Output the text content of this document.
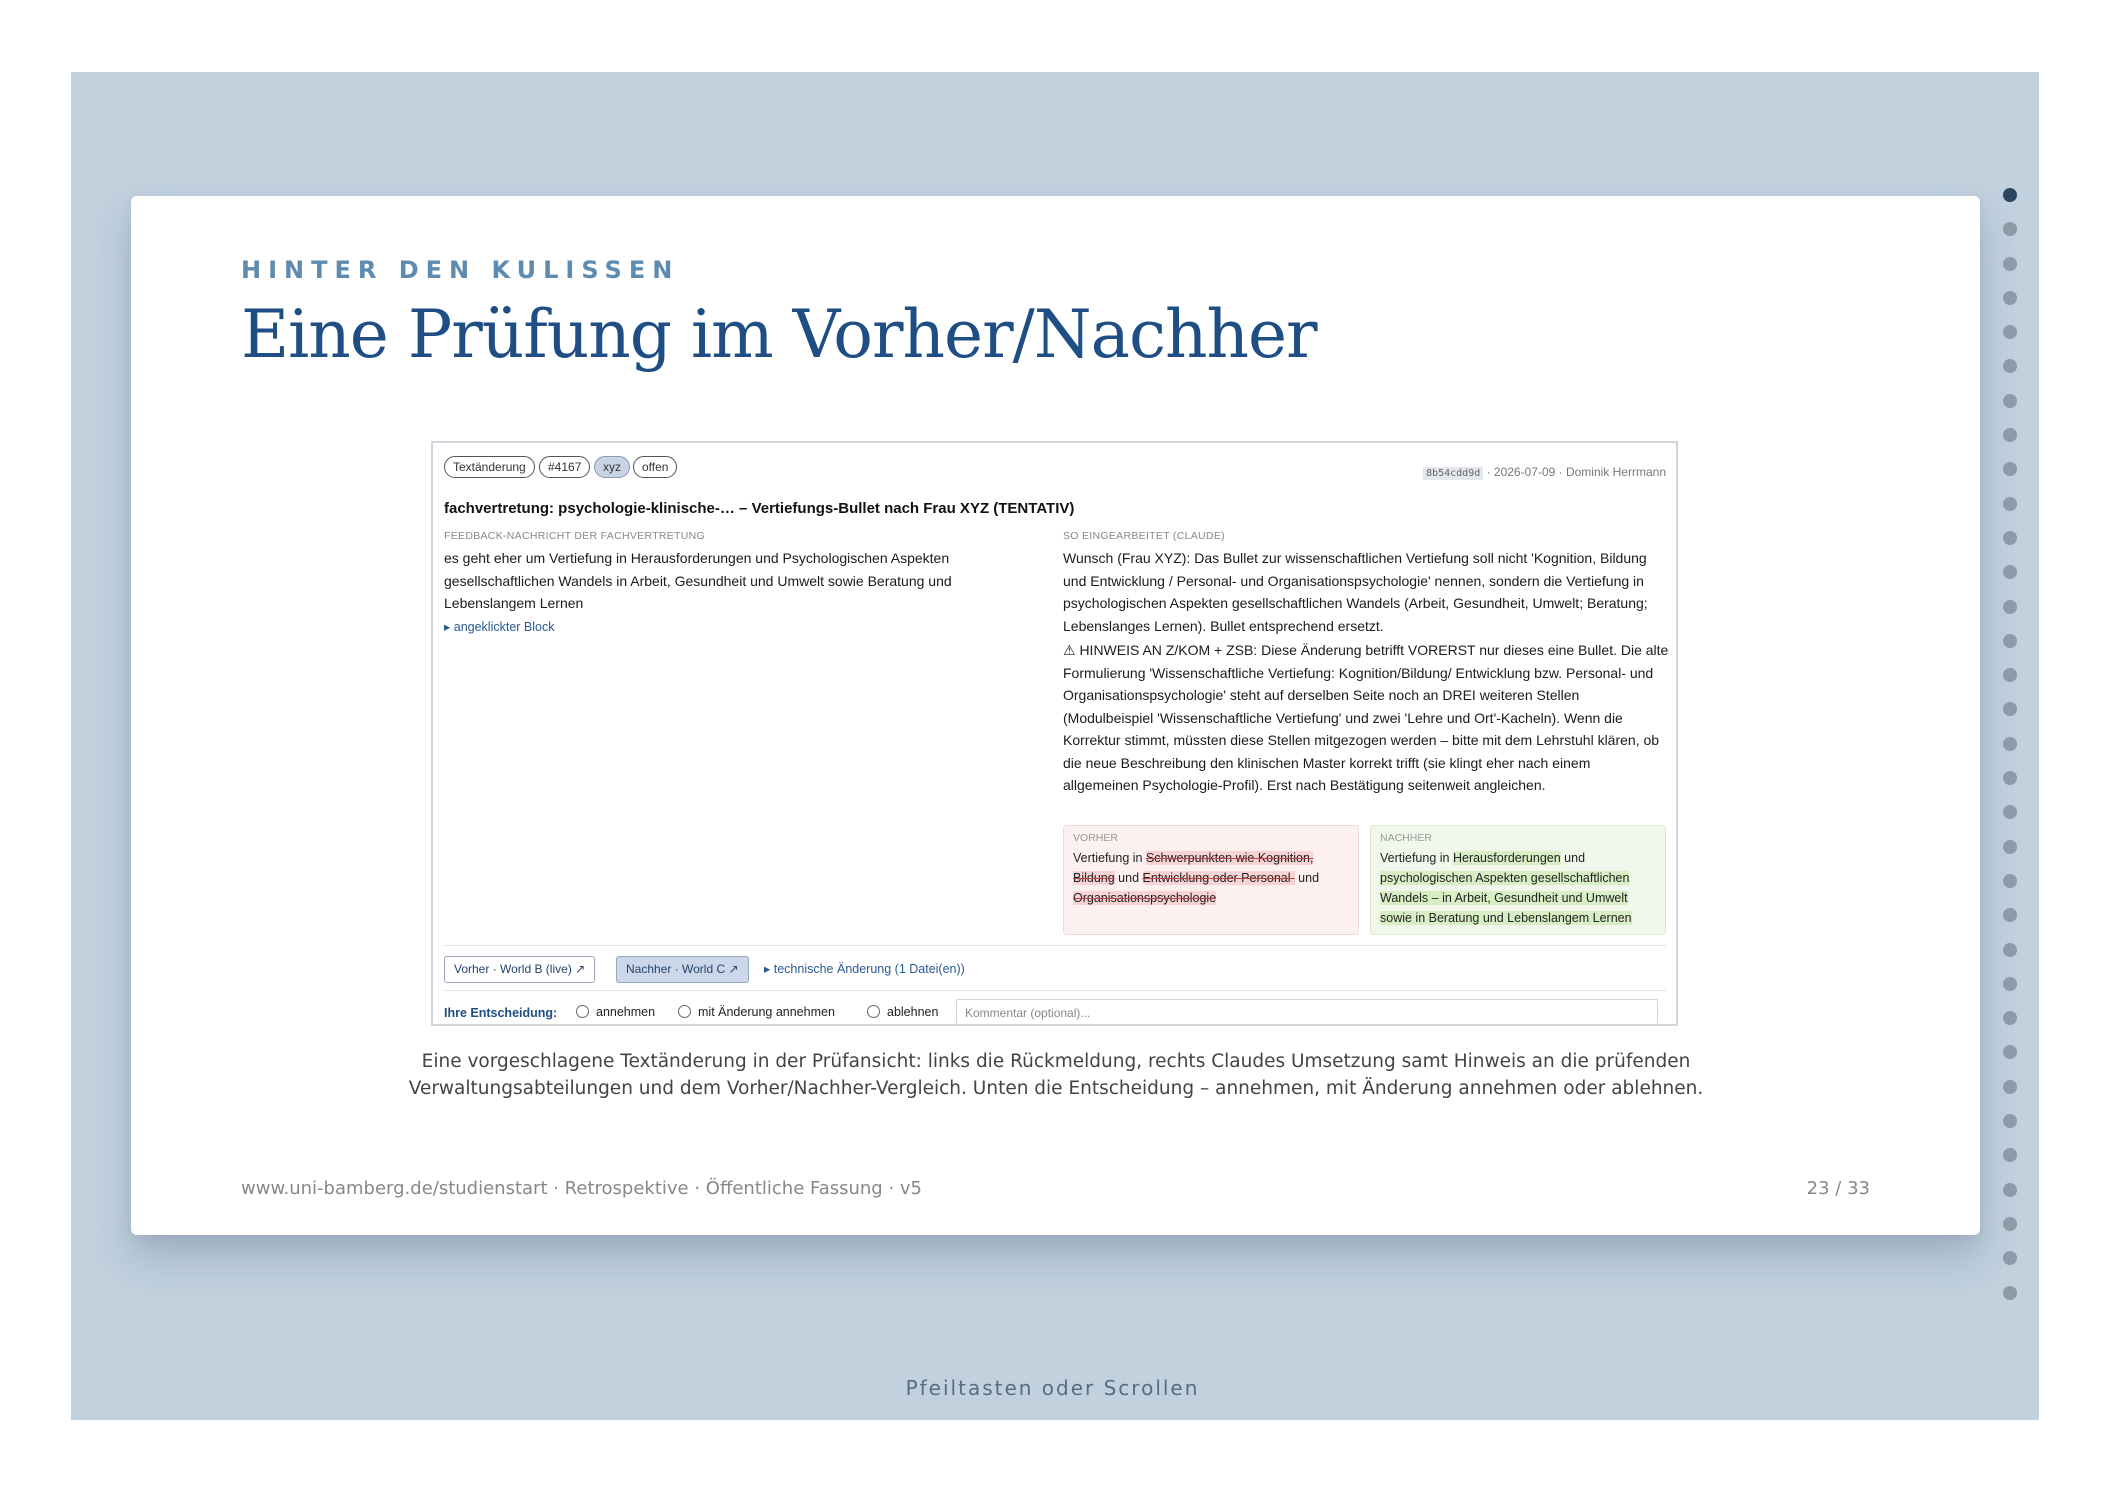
HINTER DEN KULISSEN
Eine Prüfung im Vorher/Nachher
Textänderung	#4167	xyz	offen	8b54cdd9d · 2026-07-09 · Dominik Herrmann
fachvertretung: psychologie-klinische-… – Vertiefungs-Bullet nach Frau XYZ (TENTATIV)
FEEDBACK-NACHRICHT DER FACHVERTRETUNG
es geht eher um Vertiefung in Herausforderungen und Psychologischen Aspekten gesellschaftlichen Wandels in Arbeit, Gesundheit und Umwelt sowie Beratung und Lebenslangem Lernen
▸ angeklickter Block
SO EINGEARBEITET (CLAUDE)
Wunsch (Frau XYZ): Das Bullet zur wissenschaftlichen Vertiefung soll nicht 'Kognition, Bildung und Entwicklung / Personal- und Organisationspsychologie' nennen, sondern die Vertiefung in psychologischen Aspekten gesellschaftlichen Wandels (Arbeit, Gesundheit, Umwelt; Beratung; Lebenslanges Lernen). Bullet entsprechend ersetzt.
⚠ HINWEIS AN Z/KOM + ZSB: Diese Änderung betrifft VORERST nur dieses eine Bullet. Die alte Formulierung 'Wissenschaftliche Vertiefung: Kognition/Bildung/ Entwicklung bzw. Personal- und Organisationspsychologie' steht auf derselben Seite noch an DREI weiteren Stellen (Modulbeispiel 'Wissenschaftliche Vertiefung' und zwei 'Lehre und Ort'-Kacheln). Wenn die Korrektur stimmt, müssten diese Stellen mitgezogen werden – bitte mit dem Lehrstuhl klären, ob die neue Beschreibung den klinischen Master korrekt trifft (sie klingt eher nach einem allgemeinen Psychologie-Profil). Erst nach Bestätigung seitenweit angleichen.
VORHER
Vertiefung in Schwerpunkten wie Kognition, Bildung und Entwicklung oder Personal- und Organisationspsychologie
NACHHER
Vertiefung in Herausforderungen und psychologischen Aspekten gesellschaftlichen Wandels – in Arbeit, Gesundheit und Umwelt sowie in Beratung und Lebenslangem Lernen
Vorher · World B (live) ↗	Nachher · World C ↗	▸ technische Änderung (1 Datei(en))
Ihre Entscheidung:	annehmen	mit Änderung annehmen	ablehnen	Kommentar (optional)...
Eine vorgeschlagene Textänderung in der Prüfansicht: links die Rückmeldung, rechts Claudes Umsetzung samt Hinweis an die prüfenden Verwaltungsabteilungen und dem Vorher/Nachher-Vergleich. Unten die Entscheidung – annehmen, mit Änderung annehmen oder ablehnen.
www.uni-bamberg.de/studienstart · Retrospektive · Öffentliche Fassung · v5	23 / 33
Pfeiltasten oder Scrollen
